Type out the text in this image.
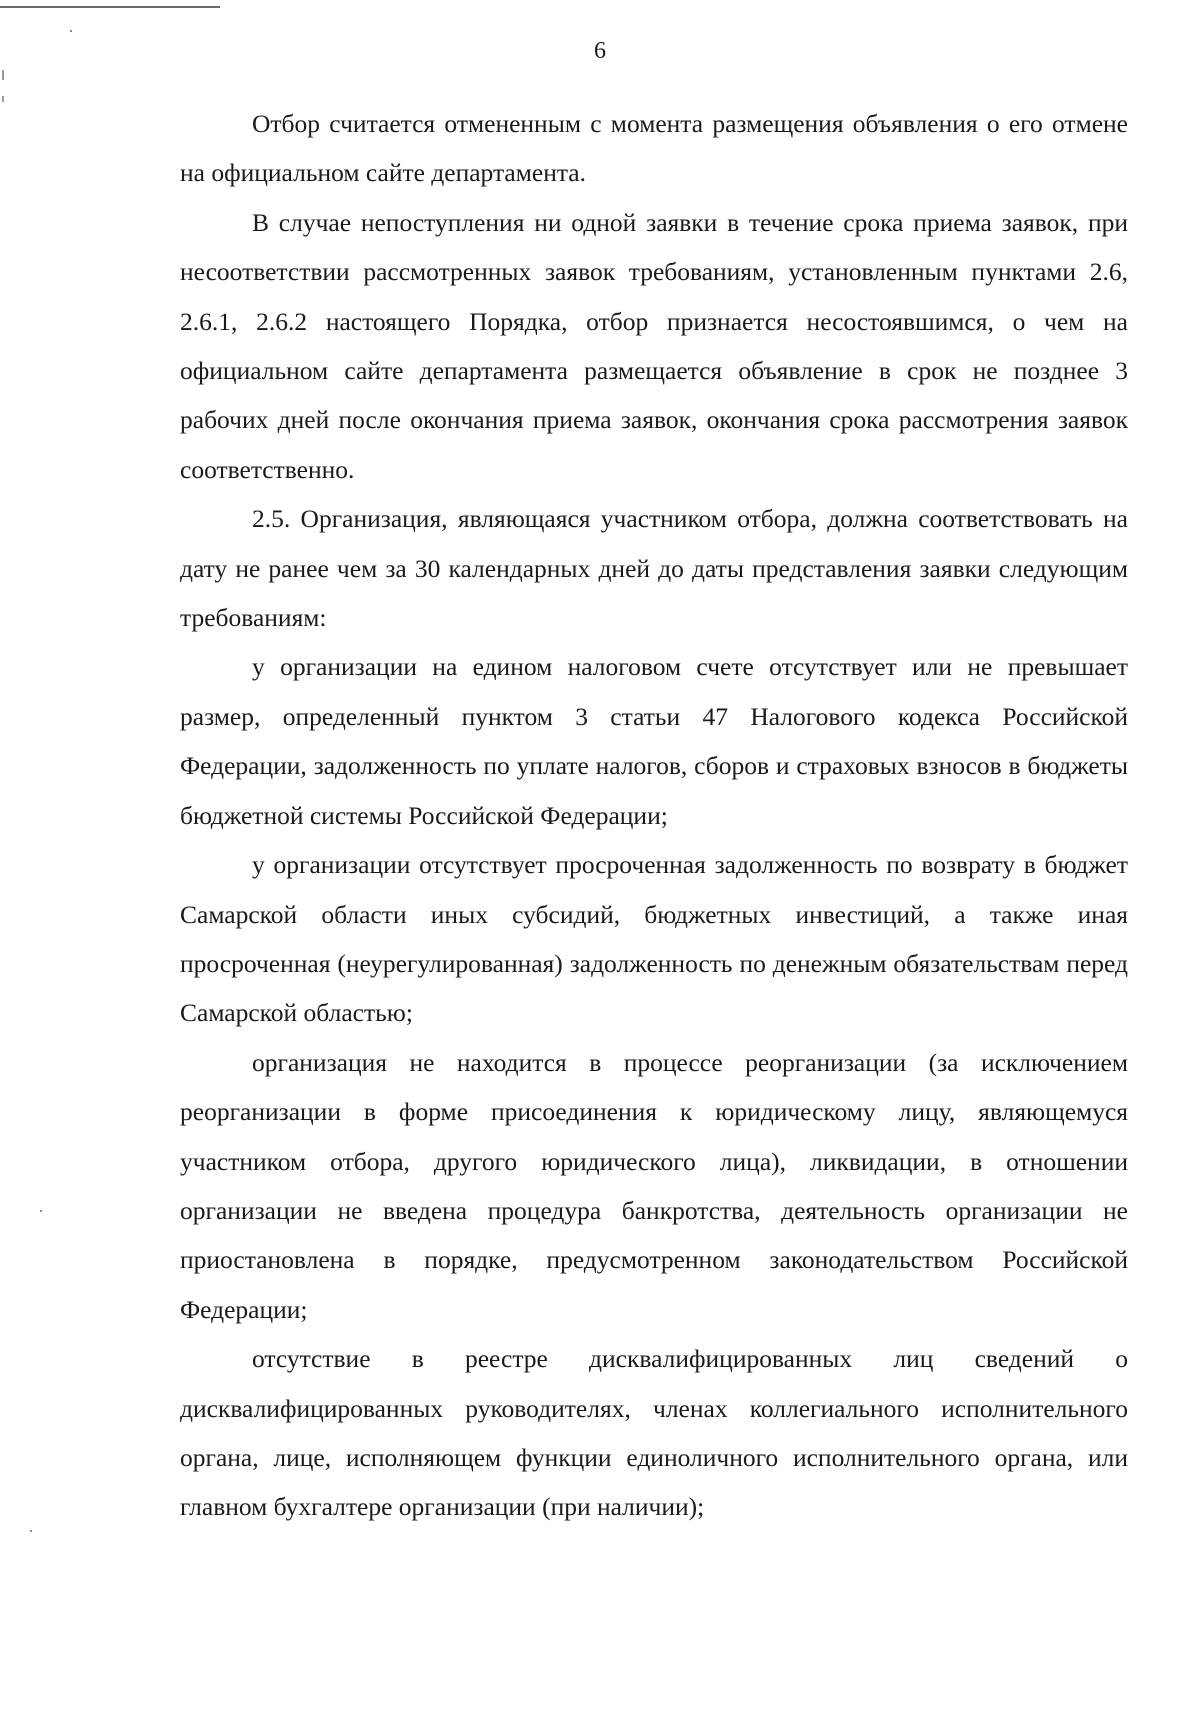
6

Отбор считается отмененным с момента размещения объявления о его отмене на официальном сайте департамента.

В случае непоступления ни одной заявки в течение срока приема заявок, при несоответствии рассмотренных заявок требованиям, установленным пунктами 2.6, 2.6.1, 2.6.2 настоящего Порядка, отбор признается несостоявшимся, о чем на официальном сайте департамента размещается объявление в срок не позднее 3 рабочих дней после окончания приема заявок, окончания срока рассмотрения заявок соответственно.

2.5. Организация, являющаяся участником отбора, должна соответствовать на дату не ранее чем за 30 календарных дней до даты представления заявки следующим требованиям:

у организации на едином налоговом счете отсутствует или не превышает размер, определенный пунктом 3 статьи 47 Налогового кодекса Российской Федерации, задолженность по уплате налогов, сборов и страховых взносов в бюджеты бюджетной системы Российской Федерации;

у организации отсутствует просроченная задолженность по возврату в бюджет Самарской области иных субсидий, бюджетных инвестиций, а также иная просроченная (неурегулированная) задолженность по денежным обязательствам перед Самарской областью;

организация не находится в процессе реорганизации (за исключением реорганизации в форме присоединения к юридическому лицу, являющемуся участником отбора, другого юридического лица), ликвидации, в отношении организации не введена процедура банкротства, деятельность организации не приостановлена в порядке, предусмотренном законодательством Российской Федерации;

отсутствие в реестре дисквалифицированных лиц сведений о дисквалифицированных руководителях, членах коллегиального исполнительного органа, лице, исполняющем функции единоличного исполнительного органа, или главном бухгалтере организации (при наличии);
